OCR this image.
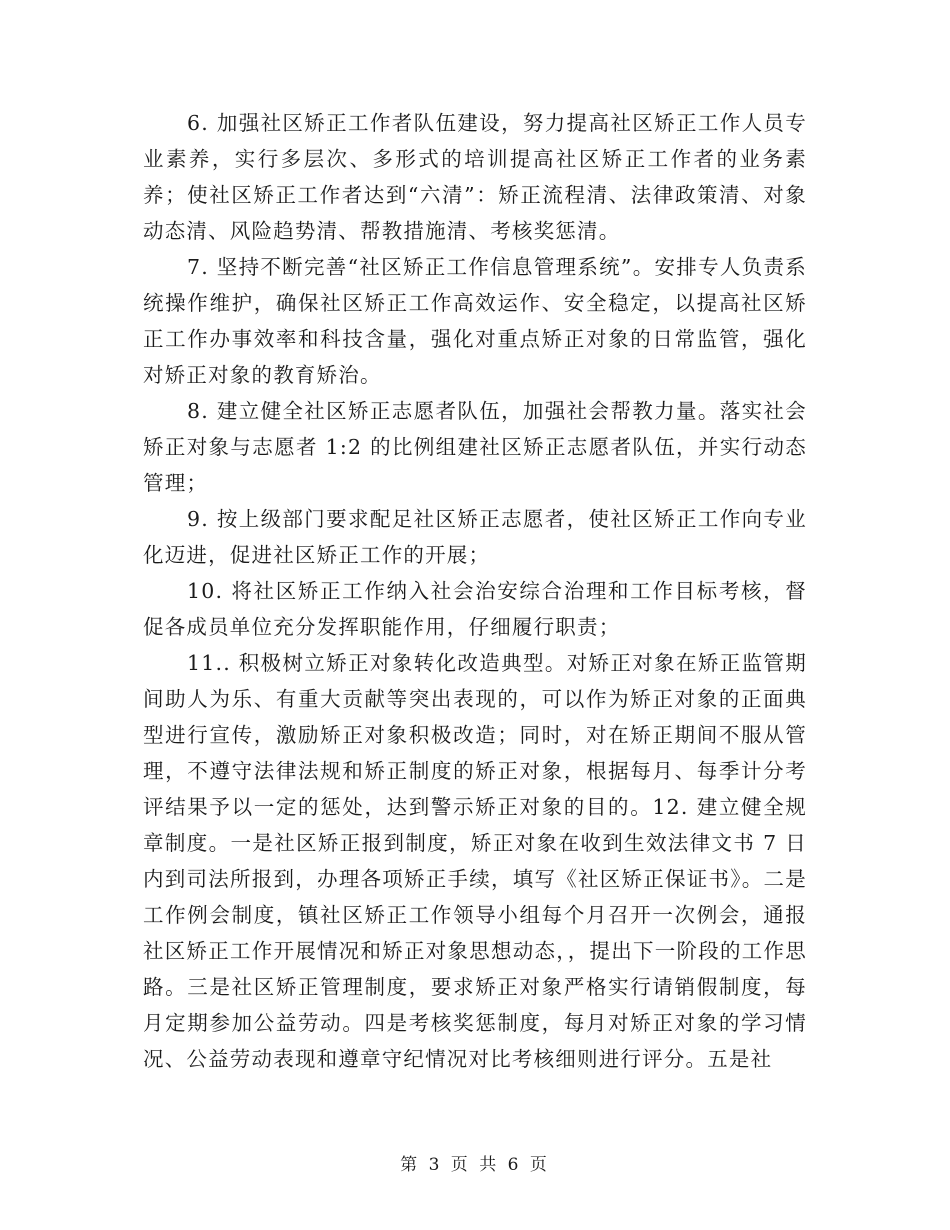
6. 加强社区矫正工作者队伍建设，努力提高社区矫正工作人员专业素养，实行多层次、多形式的培训提高社区矫正工作者的业务素养；使社区矫正工作者达到“六清”：矫正流程清、法律政策清、对象动态清、风险趋势清、帮教措施清、考核奖惩清。

7. 坚持不断完善“社区矫正工作信息管理系统”。安排专人负责系统操作维护，确保社区矫正工作高效运作、安全稳定，以提高社区矫正工作办事效率和科技含量，强化对重点矫正对象的日常监管，强化对矫正对象的教育矫治。

8. 建立健全社区矫正志愿者队伍，加强社会帮教力量。落实社会矫正对象与志愿者 1:2 的比例组建社区矫正志愿者队伍，并实行动态管理；

9. 按上级部门要求配足社区矫正志愿者，使社区矫正工作向专业化迈进，促进社区矫正工作的开展；

10. 将社区矫正工作纳入社会治安综合治理和工作目标考核，督促各成员单位充分发挥职能作用，仔细履行职责；

11.. 积极树立矫正对象转化改造典型。对矫正对象在矫正监管期间助人为乐、有重大贡献等突出表现的，可以作为矫正对象的正面典型进行宣传，激励矫正对象积极改造；同时，对在矫正期间不服从管理，不遵守法律法规和矫正制度的矫正对象，根据每月、每季计分考评结果予以一定的惩处，达到警示矫正对象的目的。12. 建立健全规章制度。一是社区矫正报到制度，矫正对象在收到生效法律文书 7 日内到司法所报到，办理各项矫正手续，填写《社区矫正保证书》。二是工作例会制度，镇社区矫正工作领导小组每个月召开一次例会，通报社区矫正工作开展情况和矫正对象思想动态，，提出下一阶段的工作思路。三是社区矫正管理制度，要求矫正对象严格实行请销假制度，每月定期参加公益劳动。四是考核奖惩制度，每月对矫正对象的学习情况、公益劳动表现和遵章守纪情况对比考核细则进行评分。五是社

第 3 页 共 6 页
